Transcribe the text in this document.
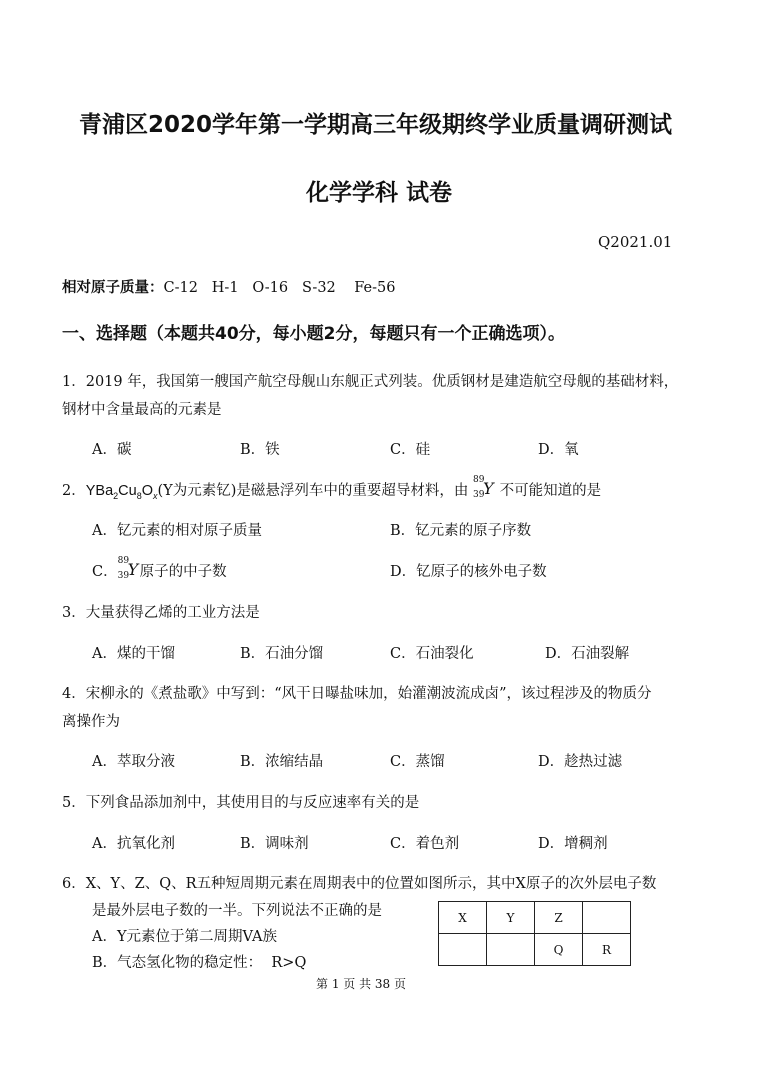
青浦区2020学年第一学期高三年级期终学业质量调研测试
化学学科 试卷
Q2021.01
相对原子质量：C-12   H-1   O-16   S-32    Fe-56
一、选择题（本题共40分，每小题2分，每题只有一个正确选项）。
1．2019 年，我国第一艘国产航空母舰山东舰正式列装。优质钢材是建造航空母舰的基础材料，
钢材中含量最高的元素是
A．碳	B．铁	C．硅	D．氧
2．$YBa_2Cu_8O_x(Y$为元素钇)是磁悬浮列车中的重要超导材料，由
89
39
Y 不可能知道的是
A．钇元素的相对原子质量	B．钇元素的原子序数
C．
89
39
Y 原子的中子数	D．钇原子的核外电子数
3．大量获得乙烯的工业方法是
A．煤的干馏	B．石油分馏	C．石油裂化	D．石油裂解
4．宋柳永的《煮盐歌》中写到：“风干日曝盐味加，始灌潮波流成卤”，该过程涉及的物质分
离操作为
A．萃取分液	B．浓缩结晶	C．蒸馏	D．趁热过滤
5．下列食品添加剂中，其使用目的与反应速率有关的是
A．抗氧化剂	B．调味剂	C．着色剂	D．增稠剂
6．X、Y、Z、Q、R五种短周期元素在周期表中的位置如图所示，其中X原子的次外层电子数
是最外层电子数的一半。下列说法不正确的是
A．Y元素位于第二周期VA族
B．气态氢化物的稳定性：  R>Q
X	Y	Z	
		Q	R
第 1 页 共 38 页
